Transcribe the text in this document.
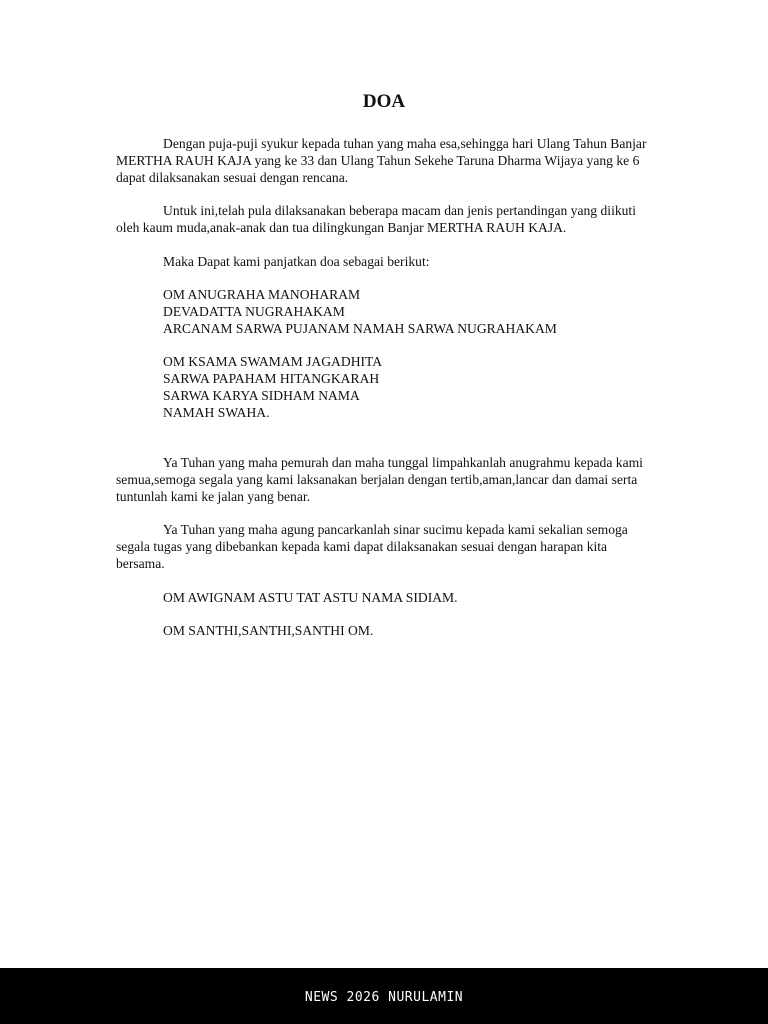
DOA

Dengan puja-puji syukur kepada tuhan yang maha esa,sehingga hari Ulang Tahun Banjar MERTHA RAUH KAJA yang ke 33 dan Ulang Tahun Sekehe Taruna Dharma Wijaya yang ke 6 dapat dilaksanakan sesuai dengan rencana.

Untuk ini,telah pula dilaksanakan beberapa macam dan jenis pertandingan yang diikuti oleh kaum muda,anak-anak dan tua dilingkungan Banjar MERTHA RAUH KAJA.

Maka Dapat kami panjatkan doa sebagai berikut:

OM ANUGRAHA MANOHARAM
DEVADATTA NUGRAHAKAM
ARCANAM SARWA PUJANAM NAMAH SARWA NUGRAHAKAM
OM KSAMA SWAMAM JAGADHITA
SARWA PAPAHAM HITANGKARAH
SARWA KARYA SIDHAM NAMA
NAMAH SWAHA.

Ya Tuhan yang maha pemurah dan maha tunggal limpahkanlah anugrahmu kepada kami semua,semoga segala yang kami laksanakan berjalan dengan tertib,aman,lancar dan damai serta tuntunlah kami ke jalan yang benar.

Ya Tuhan yang maha agung pancarkanlah sinar sucimu kepada kami sekalian semoga segala tugas yang dibebankan kepada kami dapat dilaksanakan sesuai dengan harapan kita bersama.

OM AWIGNAM ASTU TAT ASTU NAMA SIDIAM.
OM SANTHI,SANTHI,SANTHI OM.
NEWS 2026 NURULAMIN
